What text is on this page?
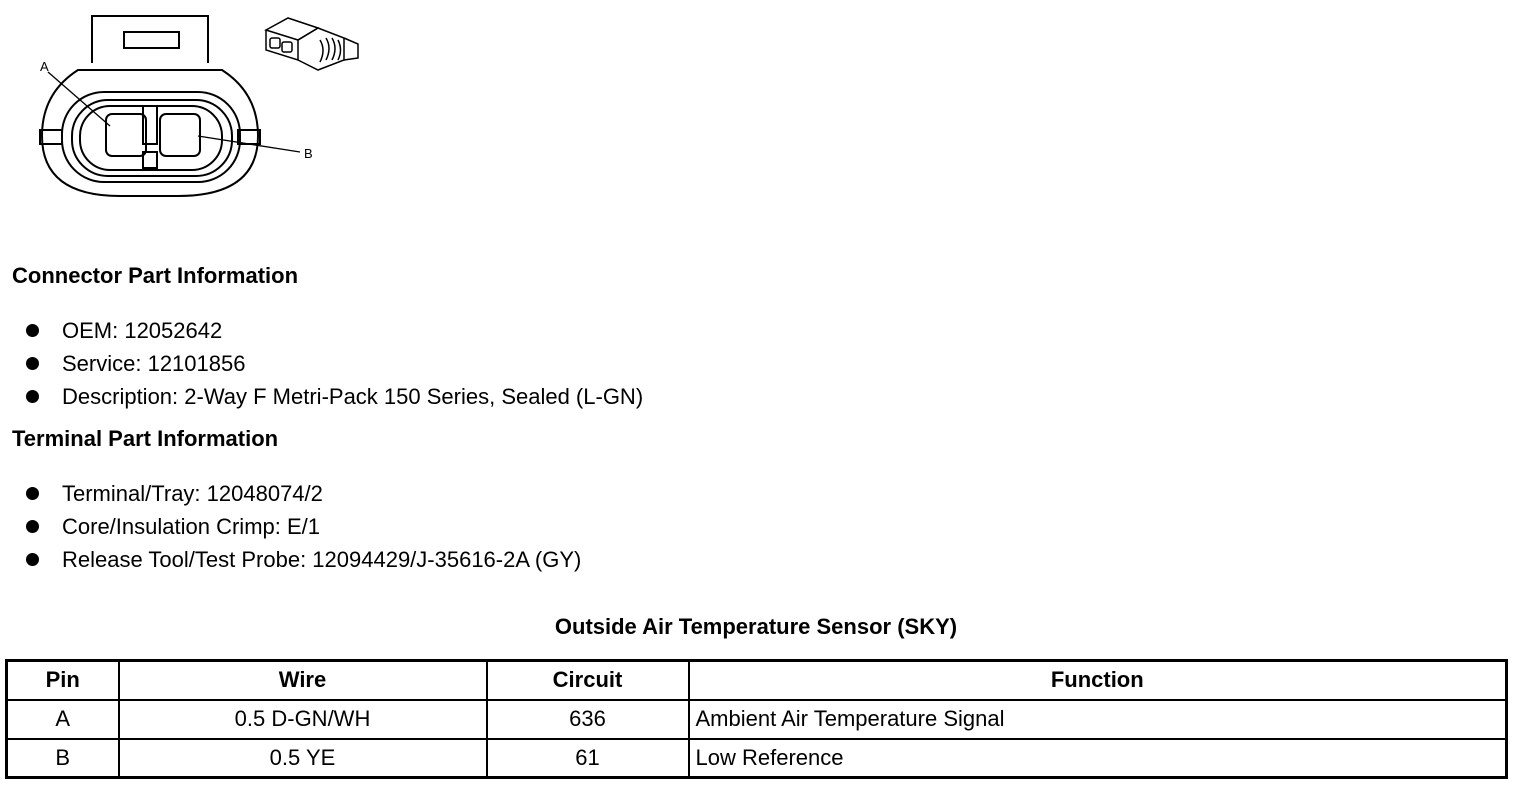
A
B
Connector Part Information
OEM: 12052642
Service: 12101856
Description: 2-Way F Metri-Pack 150 Series, Sealed (L-GN)
Terminal Part Information
Terminal/Tray: 12048074/2
Core/Insulation Crimp: E/1
Release Tool/Test Probe: 12094429/J-35616-2A (GY)
Outside Air Temperature Sensor (SKY)
Pin	Wire	Circuit	Function
A	0.5 D-GN/WH	636	Ambient Air Temperature Signal
B	0.5 YE	61	Low Reference
